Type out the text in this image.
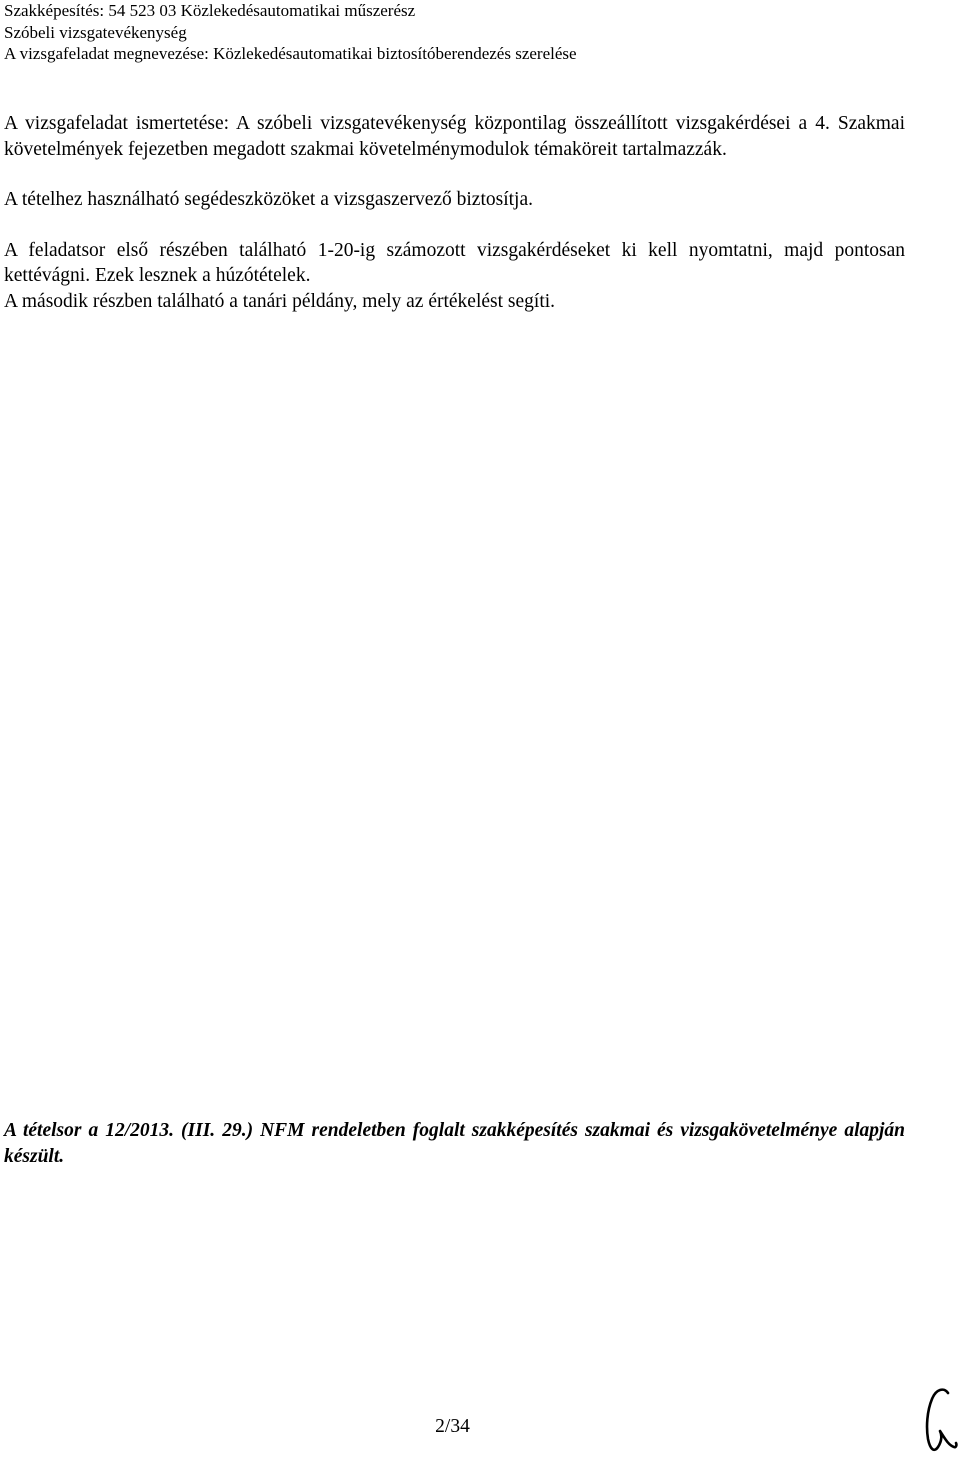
Szakképesítés: 54 523 03 Közlekedésautomatikai műszerész
Szóbeli vizsgatevékenység
A vizsgafeladat megnevezése: Közlekedésautomatikai biztosítóberendezés szerelése

A vizsgafeladat ismertetése: A szóbeli vizsgatevékenység központilag összeállított vizsgakérdései a 4. Szakmai követelmények fejezetben megadott szakmai követelménymodulok témaköreit tartalmazzák.

A tételhez használható segédeszközöket a vizsgaszervező biztosítja.

A feladatsor első részében található 1-20-ig számozott vizsgakérdéseket ki kell nyomtatni, majd pontosan kettévágni. Ezek lesznek a húzótételek.

A második részben található a tanári példány, mely az értékelést segíti.

A tételsor a 12/2013. (III. 29.) NFM rendeletben foglalt szakképesítés szakmai és vizsgakövetelménye alapján készült.
2/34
